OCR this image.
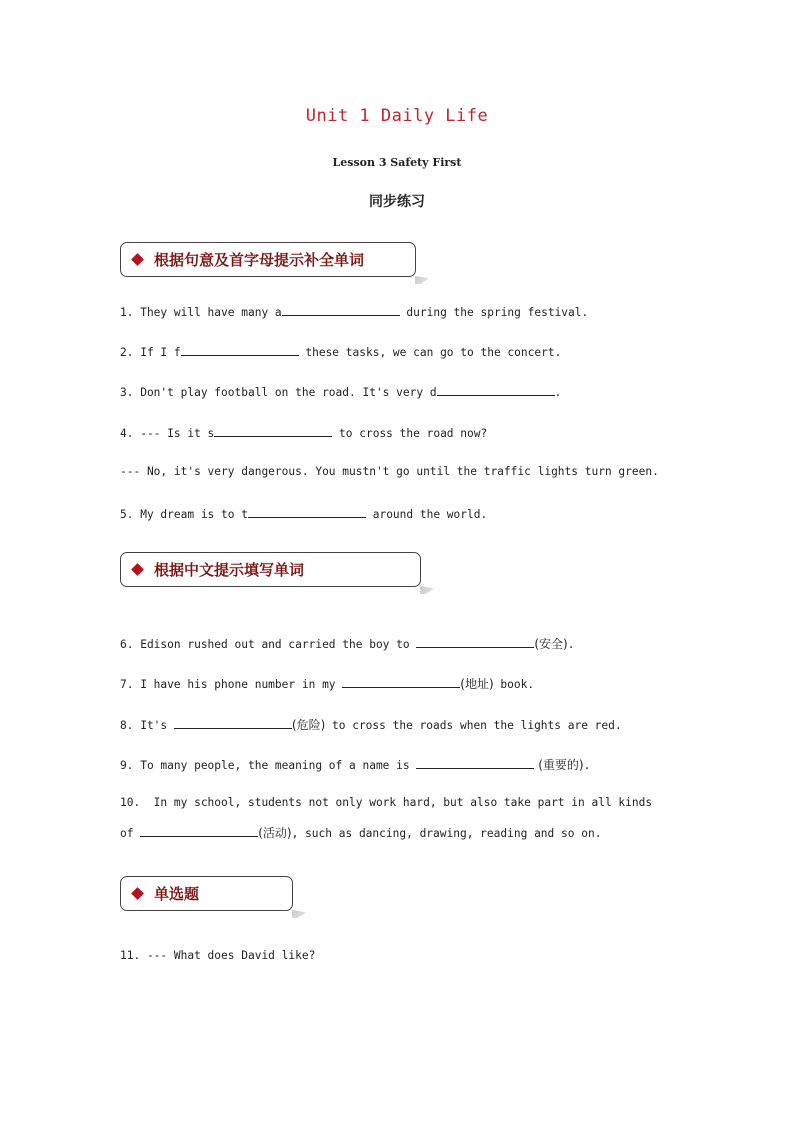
Unit 1 Daily Life
Lesson 3 Safety First
同步练习
根据句意及首字母提示补全单词
1. They will have many a	during the spring festival.
2. If I f	these tasks, we can go to the concert.
3. Don't play football on the road. It's very d	.
4. --- Is it s	to cross the road now?
--- No, it's very dangerous. You mustn't go until the traffic lights turn green.
5. My dream is to t	around the world.
根据中文提示填写单词
6. Edison rushed out and carried the boy to	(安全).
7. I have his phone number in my	(地址) book.
8. It's	(危险) to cross the roads when the lights are red.
9. To many people, the meaning of a name is	(重要的).
10.  In my school, students not only work hard, but also take part in all kinds
of	(活动), such as dancing, drawing, reading and so on.
单选题
11. --- What does David like?
